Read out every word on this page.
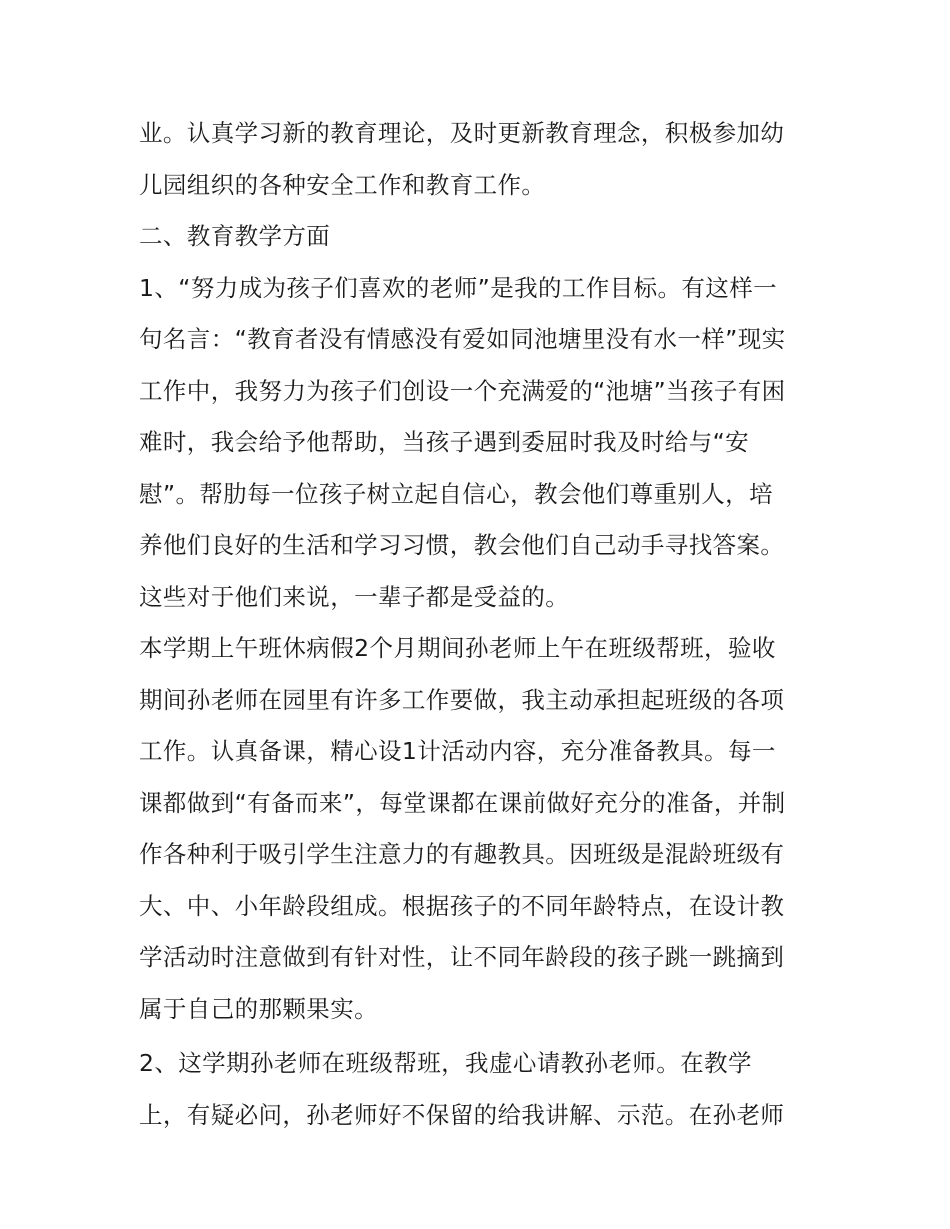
业。认真学习新的教育理论，及时更新教育理念，积极参加幼
儿园组织的各种安全工作和教育工作。
二、教育教学方面
1、“努力成为孩子们喜欢的老师”是我的工作目标。有这样一
句名言：“教育者没有情感没有爱如同池塘里没有水一样”现实
工作中，我努力为孩子们创设一个充满爱的“池塘”当孩子有困
难时，我会给予他帮助，当孩子遇到委屈时我及时给与“安
慰”。帮肋每一位孩子树立起自信心，教会他们尊重别人，培
养他们良好的生活和学习习惯，教会他们自己动手寻找答案。
这些对于他们来说，一辈子都是受益的。
本学期上午班休病假2个月期间孙老师上午在班级帮班，验收
期间孙老师在园里有许多工作要做，我主动承担起班级的各项
工作。认真备课，精心设1计活动内容，充分准备教具。每一
课都做到“有备而来”，每堂课都在课前做好充分的准备，并制
作各种利于吸引学生注意力的有趣教具。因班级是混龄班级有
大、中、小年龄段组成。根据孩子的不同年龄特点，在设计教
学活动时注意做到有针对性，让不同年龄段的孩子跳一跳摘到
属于自己的那颗果实。
2、这学期孙老师在班级帮班，我虚心请教孙老师。在教学
上，有疑必问，孙老师好不保留的给我讲解、示范。在孙老师
